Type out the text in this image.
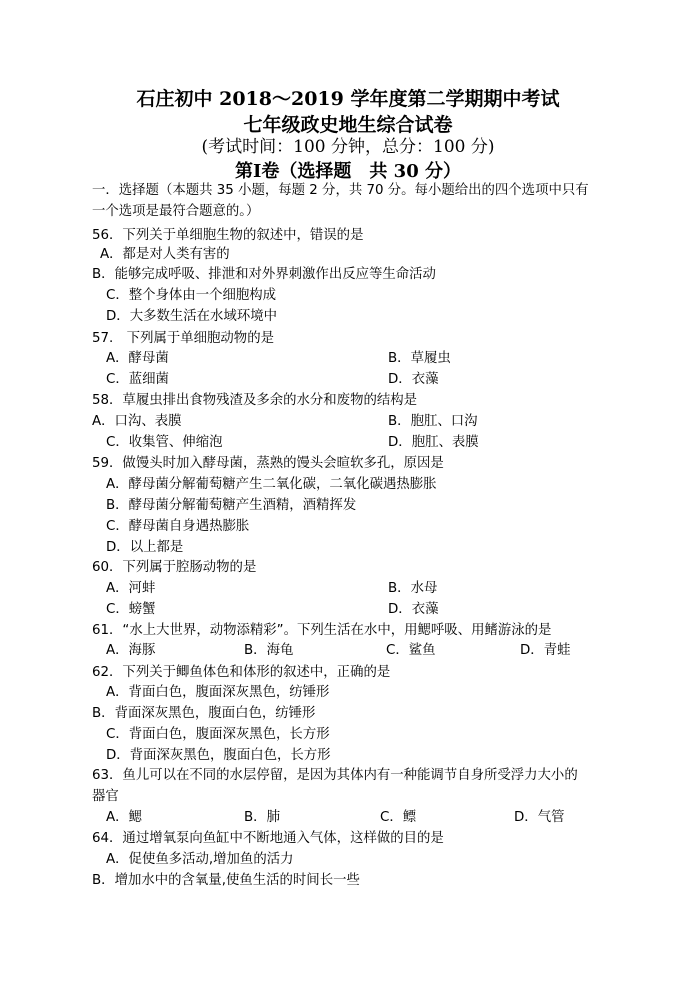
石庄初中 2018～2019 学年度第二学期期中考试
七年级政史地生综合试卷
(考试时间：100 分钟，总分：100 分)
第Ⅰ卷（选择题　共 30 分）
一．选择题（本题共 35 小题，每题 2 分，共 70 分。每小题给出的四个选项中只有
一个选项是最符合题意的。）
56．下列关于单细胞生物的叙述中，错误的是
A．都是对人类有害的
B．能够完成呼吸、排泄和对外界刺激作出反应等生命活动
C．整个身体由一个细胞构成
D．大多数生活在水域环境中
57.　下列属于单细胞动物的是
A．酵母菌	B．草履虫
C．蓝细菌	D．衣藻
58．草履虫排出食物残渣及多余的水分和废物的结构是
A．口沟、表膜	B．胞肛、口沟
C．收集管、伸缩泡	D．胞肛、表膜
59．做馒头时加入酵母菌，蒸熟的馒头会暄软多孔，原因是
A．酵母菌分解葡萄糖产生二氧化碳，二氧化碳遇热膨胀
B．酵母菌分解葡萄糖产生酒精，酒精挥发
C．酵母菌自身遇热膨胀
D．以上都是
60．下列属于腔肠动物的是
A．河蚌	B．水母
C．螃蟹	D．衣藻
61．“水上大世界，动物添精彩”。下列生活在水中，用鳃呼吸、用鳍游泳的是
A．海豚	B．海龟	C．鲨鱼	D．青蛙
62．下列关于鲫鱼体色和体形的叙述中，正确的是
A．背面白色，腹面深灰黑色，纺锤形
B．背面深灰黑色，腹面白色，纺锤形
C．背面白色，腹面深灰黑色，长方形
D．背面深灰黑色，腹面白色，长方形
63．鱼儿可以在不同的水层停留，是因为其体内有一种能调节自身所受浮力大小的
器官
A．鳃	B．肺	C．鳔	D．气管
64．通过增氧泵向鱼缸中不断地通入气体，这样做的目的是
A．促使鱼多活动,增加鱼的活力
B．增加水中的含氧量,使鱼生活的时间长一些
